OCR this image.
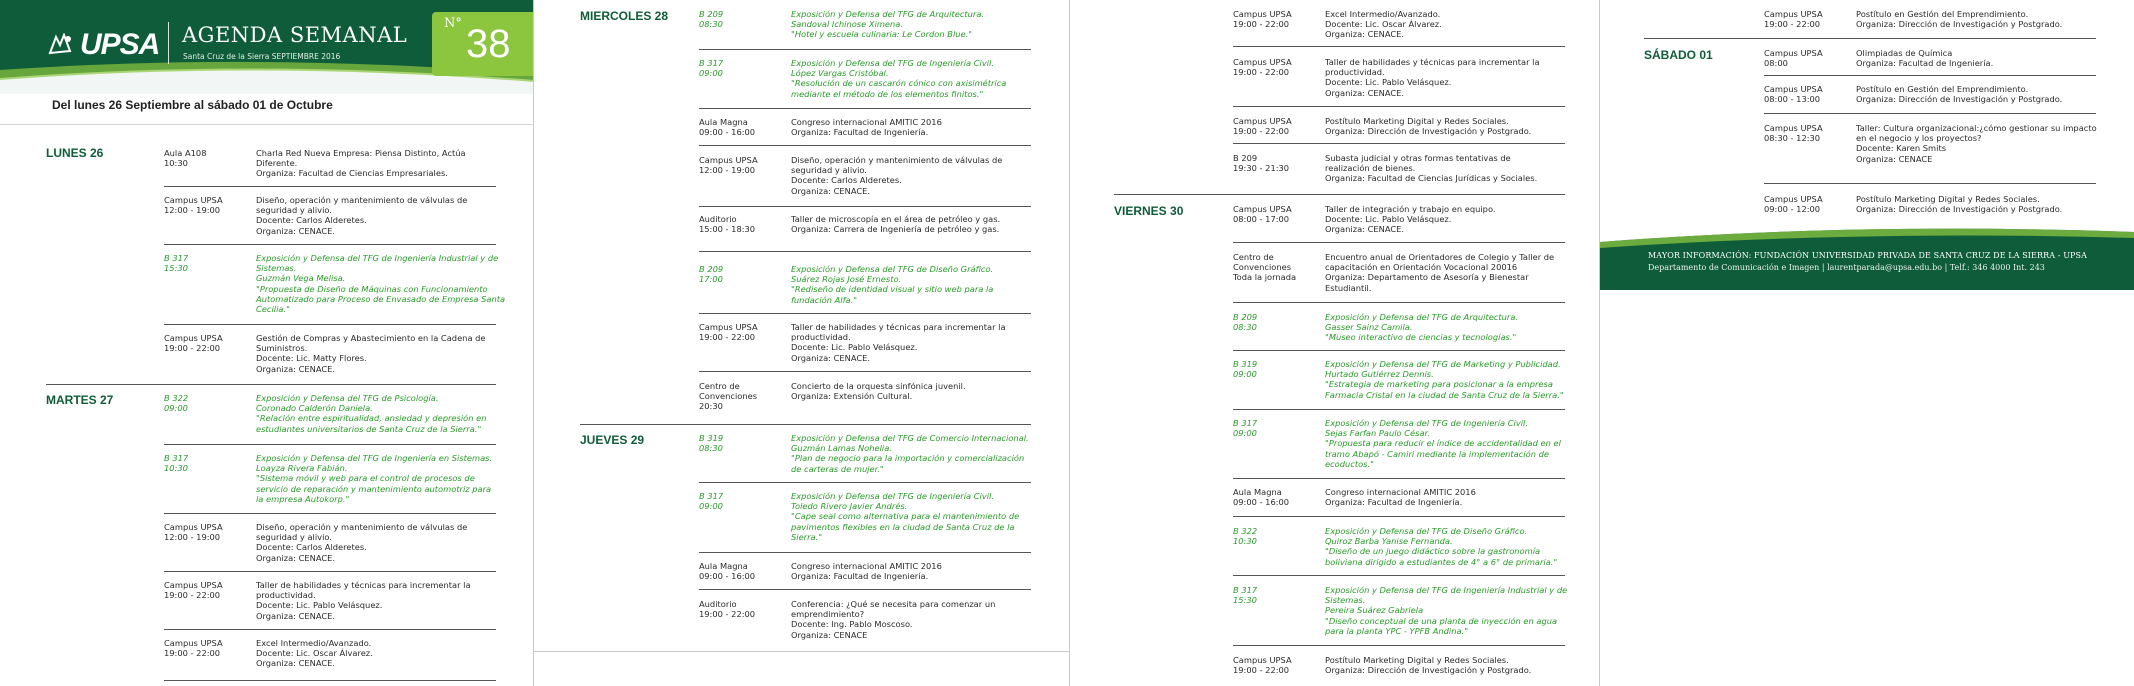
UPSA AGENDA SEMANAL
Santa Cruz de la Sierra SEPTIEMBRE 2016
N° 38
Del lunes 26 Septiembre al sábado 01 de Octubre
LUNES 26
MARTES 27
Aula A108
10:30
Charla Red Nueva Empresa: Piensa Distinto, Actúa
Diferente.
Organiza: Facultad de Ciencias Empresariales.
Campus UPSA
12:00 - 19:00
Diseño, operación y mantenimiento de válvulas de
seguridad y alivio.
Docente: Carlos Alderetes.
Organiza: CENACE.
B 317
15:30
Exposición y Defensa del TFG de Ingeniería Industrial y de
Sistemas.
Guzmán Vega Melisa.
"Propuesta de Diseño de Máquinas con Funcionamiento
Automatizado para Proceso de Envasado de Empresa Santa
Cecilia."
Campus UPSA
19:00 - 22:00
Gestión de Compras y Abastecimiento en la Cadena de
Suministros.
Docente: Lic. Matty Flores.
Organiza: CENACE.
B 322
09:00
Exposición y Defensa del TFG de Psicología.
Coronado Calderón Daniela.
"Relación entre espiritualidad, ansiedad y depresión en
estudiantes universitarios de Santa Cruz de la Sierra."
B 317
10:30
Exposición y Defensa del TFG de Ingeniería en Sistemas.
Loayza Rivera Fabián.
"Sistema móvil y web para el control de procesos de
servicio de reparación y mantenimiento automotriz para
la empresa Autokorp."
Campus UPSA
12:00 - 19:00
Diseño, operación y mantenimiento de válvulas de
seguridad y alivio.
Docente: Carlos Alderetes.
Organiza: CENACE.
Campus UPSA
19:00 - 22:00
Taller de habilidades y técnicas para incrementar la
productividad.
Docente: Lic. Pablo Velásquez.
Organiza: CENACE.
Campus UPSA
19:00 - 22:00
Excel Intermedio/Avanzado.
Docente: Lic. Oscar Álvarez.
Organiza: CENACE.
MIERCOLES 28
JUEVES 29
B 209
08:30
Exposición y Defensa del TFG de Arquitectura.
Sandoval Ichinose Ximena.
"Hotel y escuela culinaria: Le Cordon Blue."
B 317
09:00
Exposición y Defensa del TFG de Ingeniería Civil.
López Vargas Cristóbal.
"Resolución de un cascarón cónico con axisimétrica
mediante el método de los elementos finitos."
Aula Magna
09:00 - 16:00
Congreso internacional AMITIC 2016
Organiza: Facultad de Ingeniería.
Campus UPSA
12:00 - 19:00
Diseño, operación y mantenimiento de válvulas de
seguridad y alivio.
Docente: Carlos Alderetes.
Organiza: CENACE.
Auditorio
15:00 - 18:30
Taller de microscopía en el área de petróleo y gas.
Organiza: Carrera de Ingeniería de petróleo y gas.
B 209
17:00
Exposición y Defensa del TFG de Diseño Gráfico.
Suárez Rojas José Ernesto.
"Rediseño de identidad visual y sitio web para la
fundación Alfa."
Campus UPSA
19:00 - 22:00
Taller de habilidades y técnicas para incrementar la
productividad.
Docente: Lic. Pablo Velásquez.
Organiza: CENACE.
Centro de
Convenciones
20:30
Concierto de la orquesta sinfónica juvenil.
Organiza: Extensión Cultural.
B 319
08:30
Exposición y Defensa del TFG de Comercio Internacional.
Guzmán Lamas Nohelia.
"Plan de negocio para la importación y comercialización
de carteras de mujer."
B 317
09:00
Exposición y Defensa del TFG de Ingeniería Civil.
Toledo Rivero Javier Andrés.
"Cape seal como alternativa para el mantenimiento de
pavimentos flexibles en la ciudad de Santa Cruz de la
Sierra."
Aula Magna
09:00 - 16:00
Congreso internacional AMITIC 2016
Organiza: Facultad de Ingeniería.
Auditorio
19:00 - 22:00
Conferencia: ¿Qué se necesita para comenzar un
emprendimiento?
Docente: Ing. Pablo Moscoso.
Organiza: CENACE
VIERNES 30
Campus UPSA
19:00 - 22:00
Excel Intermedio/Avanzado.
Docente: Lic. Oscar Álvarez.
Organiza: CENACE.
Campus UPSA
19:00 - 22:00
Taller de habilidades y técnicas para incrementar la
productividad.
Docente: Lic. Pablo Velásquez.
Organiza: CENACE.
Campus UPSA
19:00 - 22:00
Postítulo Marketing Digital y Redes Sociales.
Organiza: Dirección de Investigación y Postgrado.
B 209
19:30 - 21:30
Subasta judicial y otras formas tentativas de
realización de bienes.
Organiza: Facultad de Ciencias Jurídicas y Sociales.
Campus UPSA
08:00 - 17:00
Taller de integración y trabajo en equipo.
Docente: Lic. Pablo Velásquez.
Organiza: CENACE.
Centro de
Convenciones
Toda la jornada
Encuentro anual de Orientadores de Colegio y Taller de
capacitación en Orientación Vocacional 20016
Organiza: Departamento de Asesoría y Bienestar
Estudiantil.
B 209
08:30
Exposición y Defensa del TFG de Arquitectura.
Gasser Sainz Camila.
"Museo interactivo de ciencias y tecnologías."
B 319
09:00
Exposición y Defensa del TFG de Marketing y Publicidad.
Hurtado Gutiérrez Dennis.
"Estrategia de marketing para posicionar a la empresa
Farmacia Cristal en la ciudad de Santa Cruz de la Sierra."
B 317
09:00
Exposición y Defensa del TFG de Ingeniería Civil.
Sejas Farfan Paulo César.
"Propuesta para reducir el índice de accidentalidad en el
tramo Abapó - Camiri mediante la implementación de
ecoductos."
Aula Magna
09:00 - 16:00
Congreso internacional AMITIC 2016
Organiza: Facultad de Ingeniería.
B 322
10:30
Exposición y Defensa del TFG de Diseño Gráfico.
Quiroz Barba Yanise Fernanda.
"Diseño de un juego didáctico sobre la gastronomía
boliviana dirigido a estudiantes de 4° a 6° de primaria."
B 317
15:30
Exposición y Defensa del TFG de Ingeniería Industrial y de
Sistemas.
Pereira Suárez Gabriela
"Diseño conceptual de una planta de inyección en agua
para la planta YPC - YPFB Andina."
Campus UPSA
19:00 - 22:00
Postítulo Marketing Digital y Redes Sociales.
Organiza: Dirección de Investigación y Postgrado.
SÁBADO 01
Campus UPSA
19:00 - 22:00
Postítulo en Gestión del Emprendimiento.
Organiza: Dirección de Investigación y Postgrado.
Campus UPSA
08:00
Olimpiadas de Química
Organiza: Facultad de Ingeniería.
Campus UPSA
08:00 - 13:00
Postítulo en Gestión del Emprendimiento.
Organiza: Dirección de Investigación y Postgrado.
Campus UPSA
08:30 - 12:30
Taller: Cultura organizacional:¿cómo gestionar su impacto
en el negocio y los proyectos?
Docente: Karen Smits
Organiza: CENACE
Campus UPSA
09:00 - 12:00
Postítulo Marketing Digital y Redes Sociales.
Organiza: Dirección de Investigación y Postgrado.
MAYOR INFORMACIÓN: FUNDACIÓN UNIVERSIDAD PRIVADA DE SANTA CRUZ DE LA SIERRA - UPSA
Departamento de Comunicación e Imagen | laurentparada@upsa.edu.bo | Telf.: 346 4000 Int. 243
